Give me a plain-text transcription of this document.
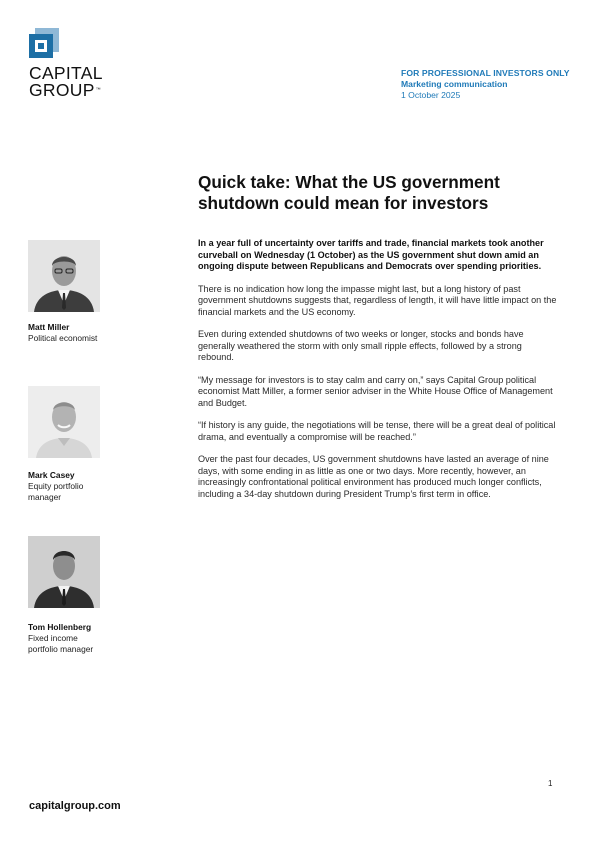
CAPITAL
GROUP™
FOR PROFESSIONAL INVESTORS ONLY
Marketing communication
1 October 2025
Quick take: What the US government shutdown could mean for investors

In a year full of uncertainty over tariffs and trade, financial markets took another curveball on Wednesday (1 October) as the US government shut down amid an ongoing dispute between Republicans and Democrats over spending priorities.

There is no indication how long the impasse might last, but a long history of past government shutdowns suggests that, regardless of length, it will have little impact on the financial markets and the US economy.

Even during extended shutdowns of two weeks or longer, stocks and bonds have generally weathered the storm with only small ripple effects, followed by a strong rebound.

“My message for investors is to stay calm and carry on,” says Capital Group political economist Matt Miller, a former senior adviser in the White House Office of Management and Budget.

“If history is any guide, the negotiations will be tense, there will be a great deal of political drama, and eventually a compromise will be reached.”

Over the past four decades, US government shutdowns have lasted an average of nine days, with some ending in as little as one or two days. More recently, however, an increasingly confrontational political environment has produced much longer conflicts, including a 34-day shutdown during President Trump’s first term in office.

Matt Miller
Political economist
Mark Casey
Equity portfolio manager
Tom Hollenberg
Fixed income portfolio manager
1
capitalgroup.com
